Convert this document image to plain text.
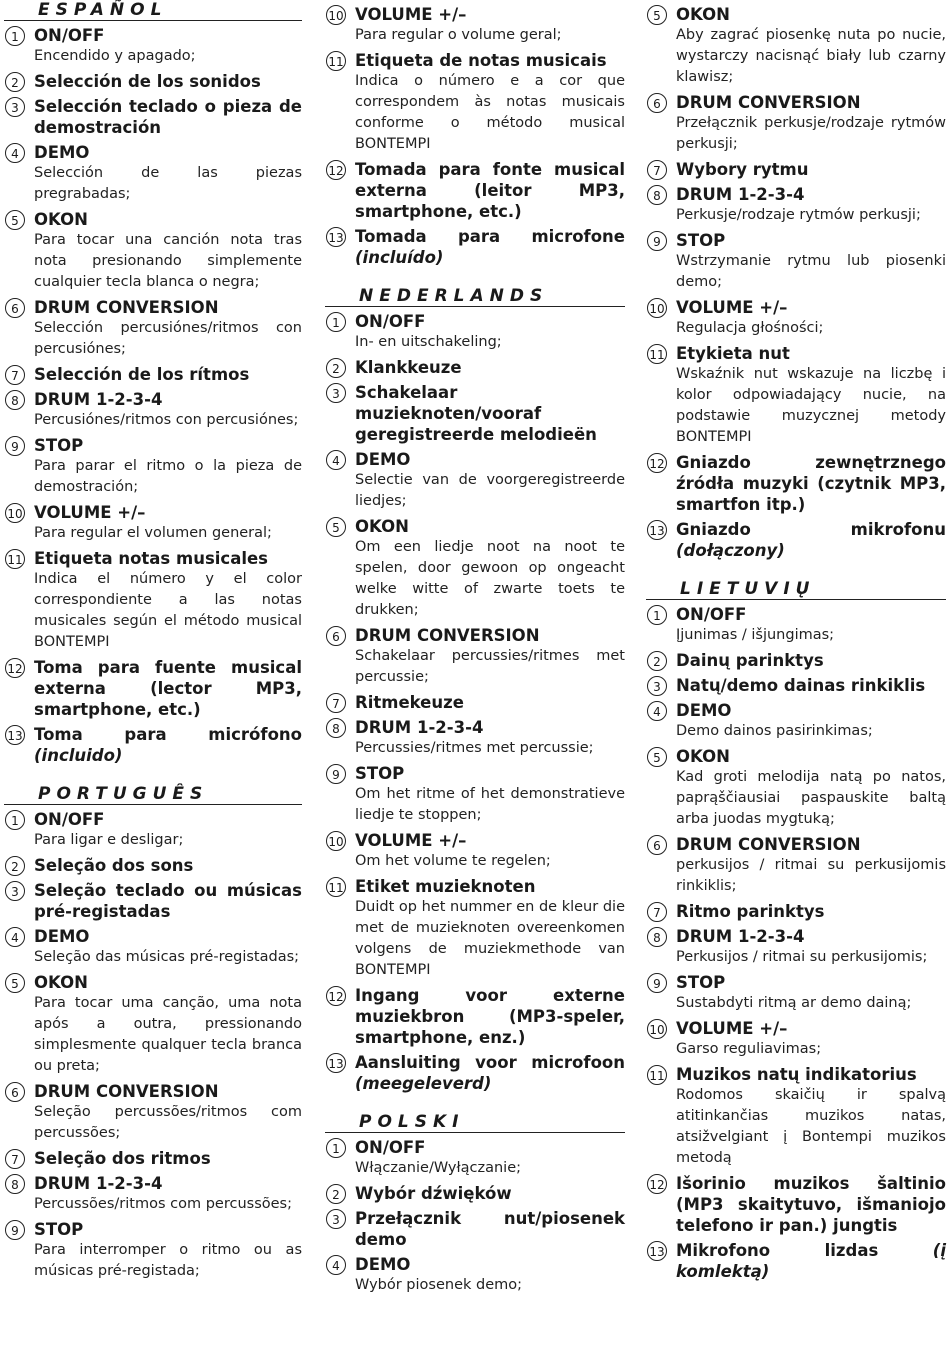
ESPAÑOL
1 ON/OFF
Encendido y apagado;
2 Selección de los sonidos
3 Selección teclado o pieza de demostración
4 DEMO
Selección de las piezas pregrabadas;
5 OKON
Para tocar una canción nota tras nota presionando simplemente cualquier tecla blanca o negra;
6 DRUM CONVERSION
Selección percusiónes/ritmos con percusiónes;
7 Selección de los rítmos
8 DRUM 1-2-3-4
Percusiónes/ritmos con percusiónes;
9 STOP
Para parar el ritmo o la pieza de demostración;
10 VOLUME +/–
Para regular el volumen general;
11 Etiqueta notas musicales
Indica el número y el color correspondiente a las notas musicales según el método musical BONTEMPI
12 Toma para fuente musical externa (lector MP3, smartphone, etc.)
13 Toma para micrófono (incluido)
PORTUGUÊS
1 ON/OFF
Para ligar e desligar;
2 Seleção dos sons
3 Seleção teclado ou músicas pré-registadas
4 DEMO
Seleção das músicas pré-registadas;
5 OKON
Para tocar uma canção, uma nota após a outra, pressionando simplesmente qualquer tecla branca ou preta;
6 DRUM CONVERSION
Seleção percussões/ritmos com percussões;
7 Seleção dos ritmos
8 DRUM 1-2-3-4
Percussões/ritmos com percussões;
9 STOP
Para interromper o ritmo ou as músicas pré-registada;
10 VOLUME +/–
Para regular o volume geral;
11 Etiqueta de notas musicais
Indica o número e a cor que correspondem às notas musicais conforme o método musical BONTEMPI
12 Tomada para fonte musical externa (leitor MP3, smartphone, etc.)
13 Tomada para microfone (incluído)
NEDERLANDS
1 ON/OFF
In- en uitschakeling;
2 Klankkeuze
3 Schakelaar muzieknoten/vooraf geregistreerde melodieën
4 DEMO
Selectie van de voorgeregistreerde liedjes;
5 OKON
Om een liedje noot na noot te spelen, door gewoon op ongeacht welke witte of zwarte toets te drukken;
6 DRUM CONVERSION
Schakelaar percussies/ritmes met percussie;
7 Ritmekeuze
8 DRUM 1-2-3-4
Percussies/ritmes met percussie;
9 STOP
Om het ritme of het demonstratieve liedje te stoppen;
10 VOLUME +/–
Om het volume te regelen;
11 Etiket muzieknoten
Duidt op het nummer en de kleur die met de muzieknoten overeenkomen volgens de muziekmethode van BONTEMPI
12 Ingang voor externe muziekbron (MP3-speler, smartphone, enz.)
13 Aansluiting voor microfoon (meegeleverd)
POLSKI
1 ON/OFF
Włączanie/Wyłączanie;
2 Wybór dźwięków
3 Przełącznik nut/piosenek demo
4 DEMO
Wybór piosenek demo;
5 OKON
Aby zagrać piosenkę nuta po nucie, wystarczy nacisnąć biały lub czarny klawisz;
6 DRUM CONVERSION
Przełącznik perkusje/rodzaje rytmów perkusji;
7 Wybory rytmu
8 DRUM 1-2-3-4
Perkusje/rodzaje rytmów perkusji;
9 STOP
Wstrzymanie rytmu lub piosenki demo;
10 VOLUME +/–
Regulacja głośności;
11 Etykieta nut
Wskaźnik nut wskazuje na liczbę i kolor odpowiadający nucie, na podstawie muzycznej metody BONTEMPI
12 Gniazdo zewnętrznego źródła muzyki (czytnik MP3, smartfon itp.)
13 Gniazdo mikrofonu (dołączony)
LIETUVIŲ
1 ON/OFF
Įjunimas / išjungimas;
2 Dainų parinktys
3 Natų/demo dainas rinkiklis
4 DEMO
Demo dainos pasirinkimas;
5 OKON
Kad groti melodija natą po natos, paprąščiausiai paspauskite baltą arba juodas mygtuką;
6 DRUM CONVERSION
perkusijos / ritmai su perkusijomis rinkiklis;
7 Ritmo parinktys
8 DRUM 1-2-3-4
Perkusijos / ritmai su perkusijomis;
9 STOP
Sustabdyti ritmą ar demo dainą;
10 VOLUME +/–
Garso reguliavimas;
11 Muzikos natų indikatorius
Rodomos skaičių ir spalvą atitinkančias muzikos natas, atsižvelgiant į Bontempi muzikos metodą
12 Išorinio muzikos šaltinio (MP3 skaitytuvo, išmaniojo telefono ir pan.) jungtis
13 Mikrofono lizdas (į komlektą)
